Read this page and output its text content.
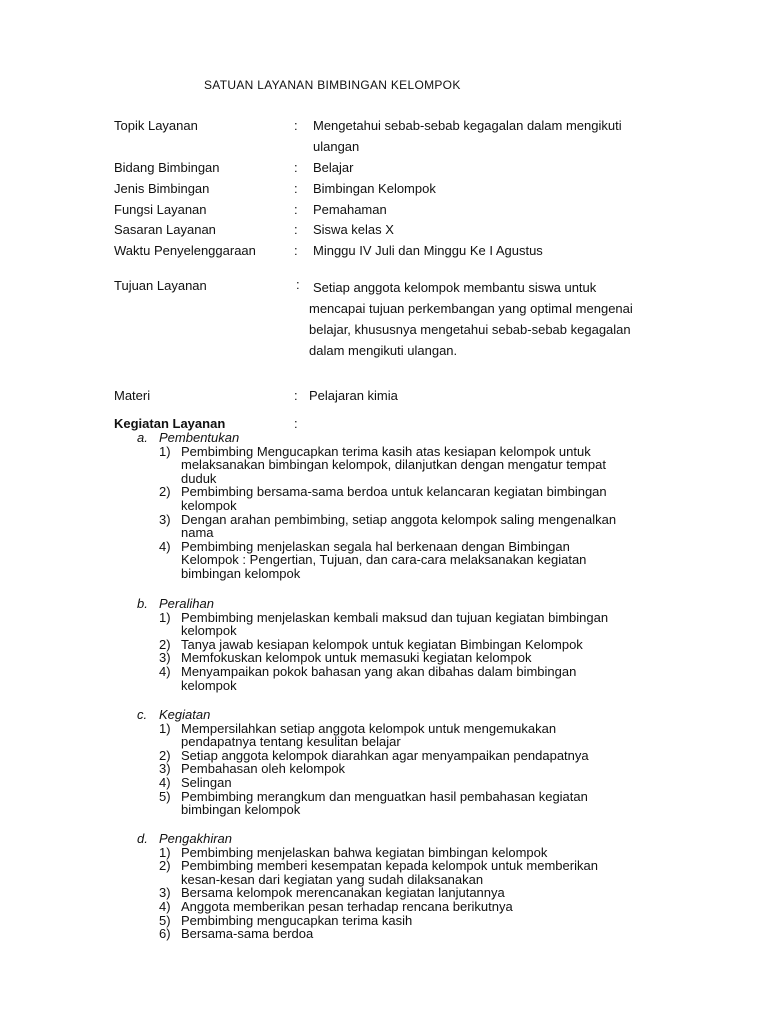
SATUAN LAYANAN BIMBINGAN KELOMPOK
Topik Layanan	: Mengetahui sebab-sebab kegagalan dalam mengikuti
ulangan
Bidang Bimbingan	: Belajar
Jenis Bimbingan	: Bimbingan Kelompok
Fungsi Layanan	: Pemahaman
Sasaran Layanan	: Siswa kelas X
Waktu Penyelenggaraan	: Minggu IV Juli dan Minggu Ke I Agustus
Tujuan Layanan	:	Setiap anggota kelompok membantu siswa untuk
mencapai tujuan perkembangan yang optimal mengenai
belajar, khususnya mengetahui sebab-sebab kegagalan
dalam mengikuti ulangan.
Materi	: Pelajaran kimia
Kegiatan Layanan	:
a. Pembentukan
1) Pembimbing Mengucapkan terima kasih atas kesiapan kelompok untuk
melaksanakan bimbingan kelompok, dilanjutkan dengan mengatur tempat
duduk
2) Pembimbing bersama-sama berdoa untuk kelancaran kegiatan bimbingan
kelompok
3) Dengan arahan pembimbing, setiap anggota kelompok saling mengenalkan
nama
4) Pembimbing menjelaskan segala hal berkenaan dengan Bimbingan
Kelompok : Pengertian, Tujuan, dan cara-cara melaksanakan kegiatan
bimbingan kelompok
b. Peralihan
1) Pembimbing menjelaskan kembali maksud dan tujuan kegiatan bimbingan
kelompok
2) Tanya jawab kesiapan kelompok untuk kegiatan Bimbingan Kelompok
3) Memfokuskan kelompok untuk memasuki kegiatan kelompok
4) Menyampaikan pokok bahasan yang akan dibahas dalam bimbingan
kelompok
c. Kegiatan
1) Mempersilahkan setiap anggota kelompok untuk mengemukakan
pendapatnya tentang kesulitan belajar
2) Setiap anggota kelompok diarahkan agar menyampaikan pendapatnya
3) Pembahasan oleh kelompok
4) Selingan
5) Pembimbing merangkum dan menguatkan hasil pembahasan kegiatan
bimbingan kelompok
d. Pengakhiran
1) Pembimbing menjelaskan bahwa kegiatan bimbingan kelompok
2) Pembimbing memberi kesempatan kepada kelompok untuk memberikan
kesan-kesan dari kegiatan yang sudah dilaksanakan
3) Bersama kelompok merencanakan kegiatan lanjutannya
4) Anggota memberikan pesan terhadap rencana berikutnya
5) Pembimbing mengucapkan terima kasih
6) Bersama-sama berdoa
